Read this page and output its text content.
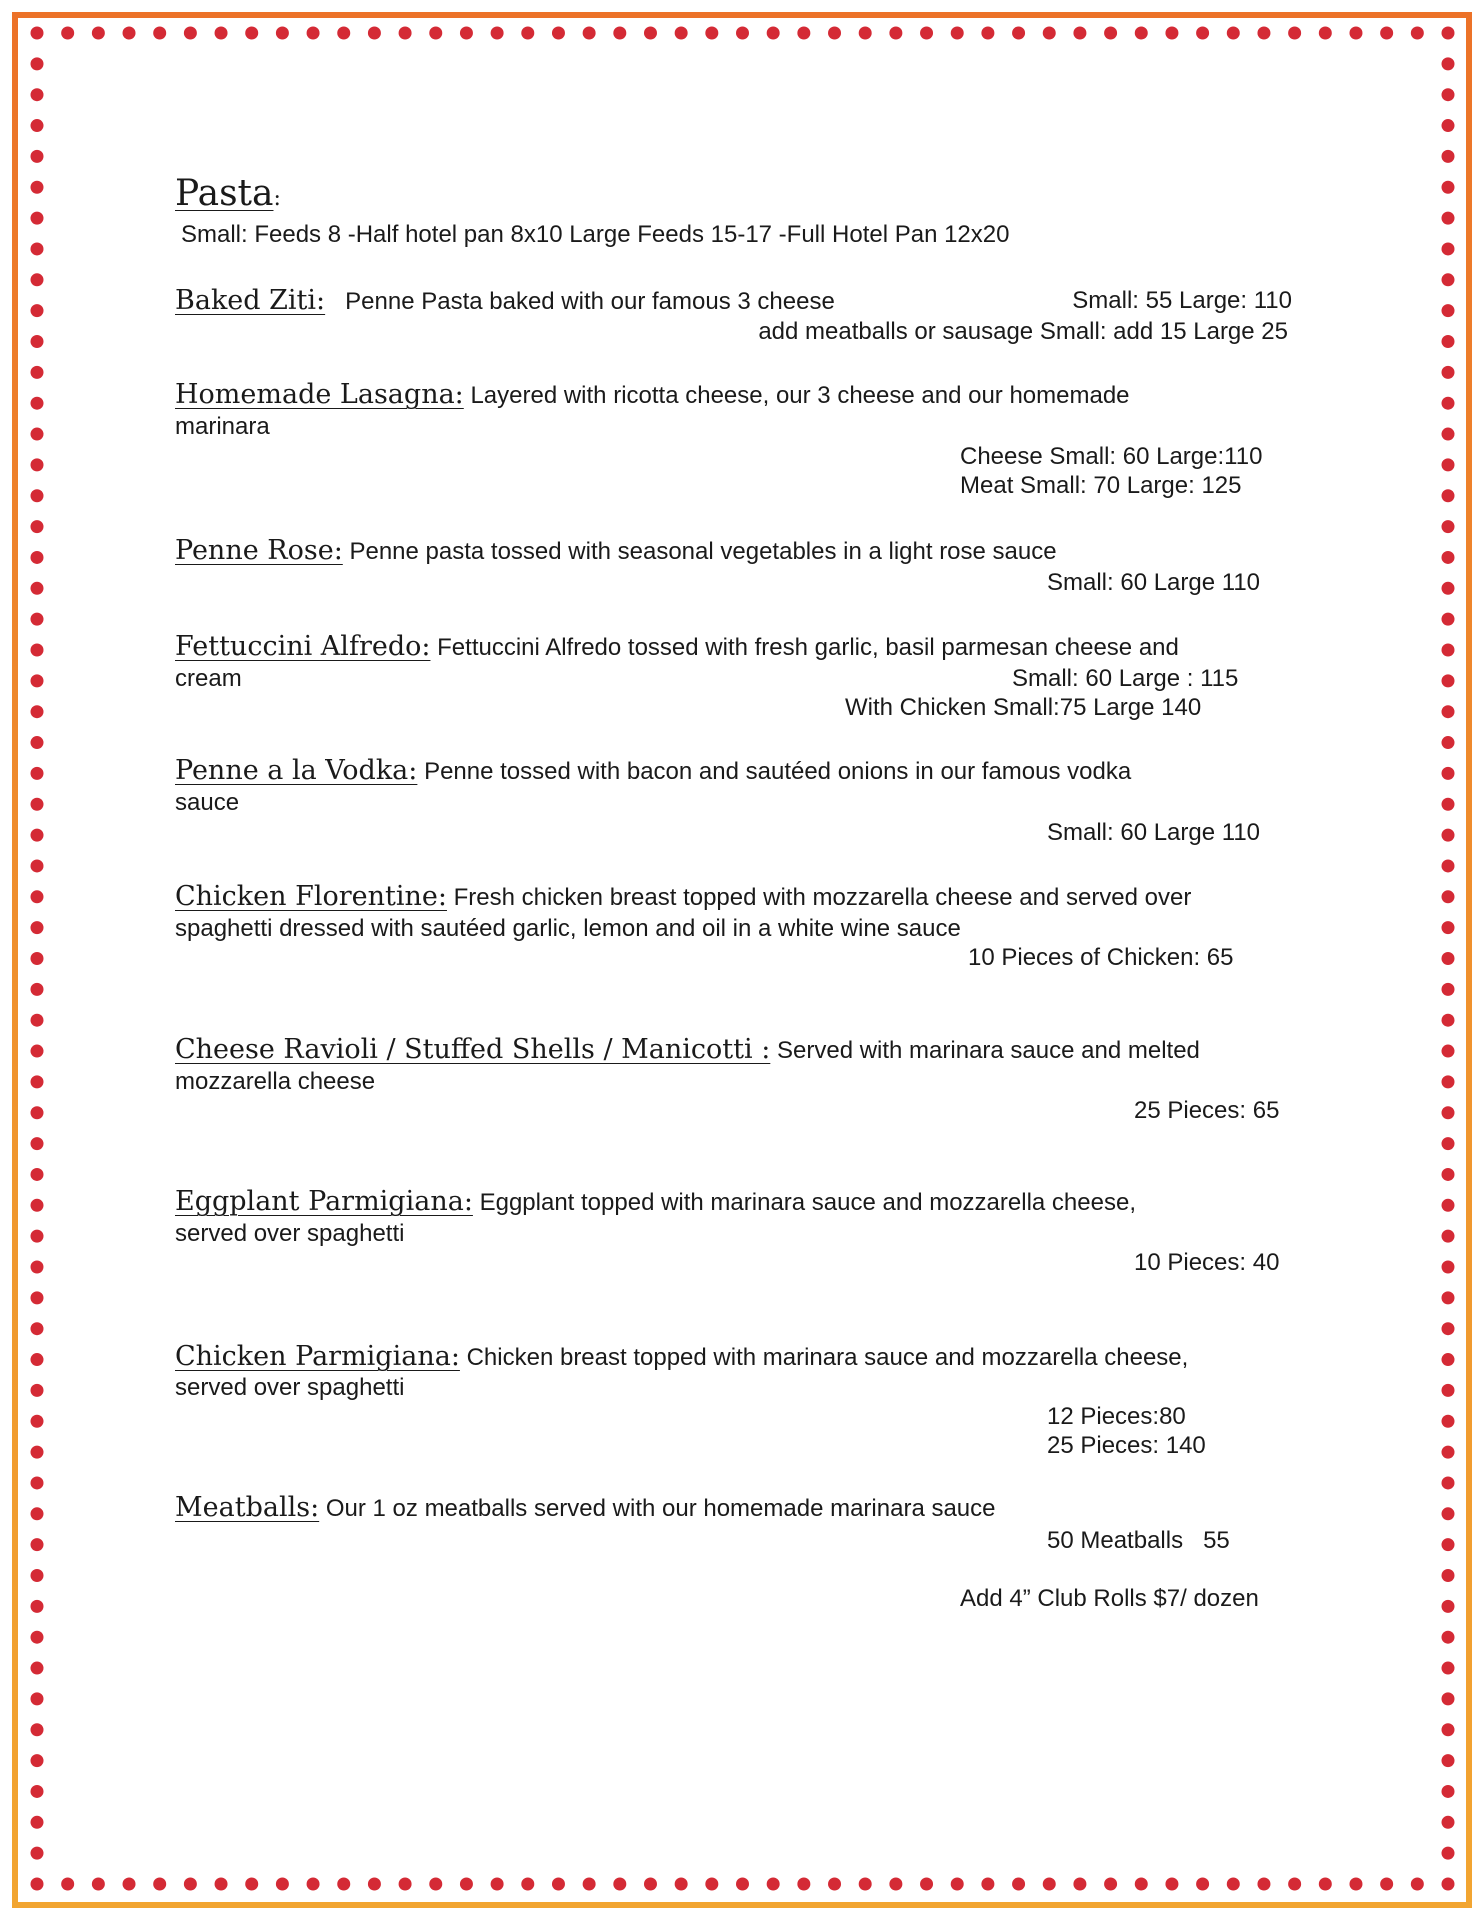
Pasta:
Small: Feeds 8 -Half hotel pan 8x10 Large Feeds 15-17 -Full Hotel Pan 12x20
Baked Ziti: Penne Pasta baked with our famous 3 cheese	Small: 55 Large: 110
add meatballs or sausage Small: add 15 Large 25
Homemade Lasagna: Layered with ricotta cheese, our 3 cheese and our homemade
marinara
Cheese Small: 60 Large:110
Meat Small: 70 Large: 125
Penne Rose: Penne pasta tossed with seasonal vegetables in a light rose sauce
Small: 60 Large 110
Fettuccini Alfredo: Fettuccini Alfredo tossed with fresh garlic, basil parmesan cheese and
cream	Small: 60 Large : 115
With Chicken Small:75 Large 140
Penne a la Vodka: Penne tossed with bacon and sautéed onions in our famous vodka
sauce
Small: 60 Large 110
Chicken Florentine: Fresh chicken breast topped with mozzarella cheese and served over
spaghetti dressed with sautéed garlic, lemon and oil in a white wine sauce
10 Pieces of Chicken: 65
Cheese Ravioli / Stuffed Shells / Manicotti : Served with marinara sauce and melted
mozzarella cheese
25 Pieces: 65
Eggplant Parmigiana: Eggplant topped with marinara sauce and mozzarella cheese,
served over spaghetti
10 Pieces: 40
Chicken Parmigiana: Chicken breast topped with marinara sauce and mozzarella cheese,
served over spaghetti
12 Pieces:80
25 Pieces: 140
Meatballs: Our 1 oz meatballs served with our homemade marinara sauce
50 Meatballs   55
Add 4” Club Rolls $7/ dozen
